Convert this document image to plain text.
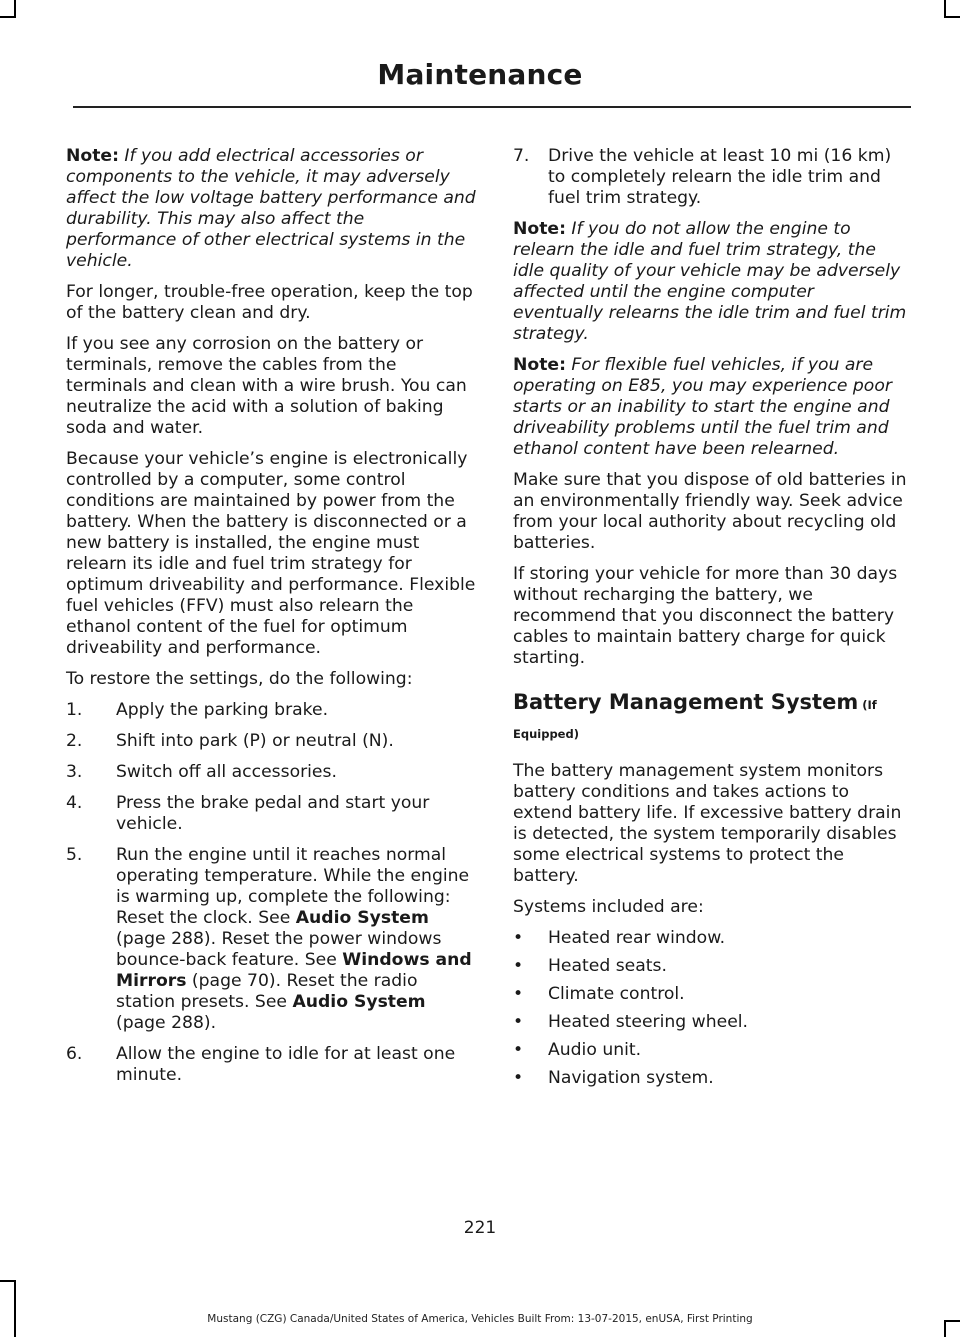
Maintenance

Note: If you add electrical accessories or components to the vehicle, it may adversely affect the low voltage battery performance and durability. This may also affect the performance of other electrical systems in the vehicle.

For longer, trouble-free operation, keep the top of the battery clean and dry.

If you see any corrosion on the battery or terminals, remove the cables from the terminals and clean with a wire brush. You can neutralize the acid with a solution of baking soda and water.

Because your vehicle’s engine is electronically controlled by a computer, some control conditions are maintained by power from the battery. When the battery is disconnected or a new battery is installed, the engine must relearn its idle and fuel trim strategy for optimum driveability and performance. Flexible fuel vehicles (FFV) must also relearn the ethanol content of the fuel for optimum driveability and performance.

To restore the settings, do the following:

1. Apply the parking brake.
2. Shift into park (P) or neutral (N).
3. Switch off all accessories.
4. Press the brake pedal and start your vehicle.
5. Run the engine until it reaches normal operating temperature. While the engine is warming up, complete the following: Reset the clock. See Audio System (page 288). Reset the power windows bounce-back feature. See Windows and Mirrors (page 70). Reset the radio station presets. See Audio System (page 288).
6. Allow the engine to idle for at least one minute.
7. Drive the vehicle at least 10 mi (16 km) to completely relearn the idle trim and fuel trim strategy.

Note: If you do not allow the engine to relearn the idle and fuel trim strategy, the idle quality of your vehicle may be adversely affected until the engine computer eventually relearns the idle trim and fuel trim strategy.

Note: For flexible fuel vehicles, if you are operating on E85, you may experience poor starts or an inability to start the engine and driveability problems until the fuel trim and ethanol content have been relearned.

Make sure that you dispose of old batteries in an environmentally friendly way. Seek advice from your local authority about recycling old batteries.

If storing your vehicle for more than 30 days without recharging the battery, we recommend that you disconnect the battery cables to maintain battery charge for quick starting.

Battery Management System (If Equipped)

The battery management system monitors battery conditions and takes actions to extend battery life. If excessive battery drain is detected, the system temporarily disables some electrical systems to protect the battery.

Systems included are:

• Heated rear window.
• Heated seats.
• Climate control.
• Heated steering wheel.
• Audio unit.
• Navigation system.
221
Mustang (CZG) Canada/United States of America, Vehicles Built From: 13-07-2015, enUSA, First Printing
